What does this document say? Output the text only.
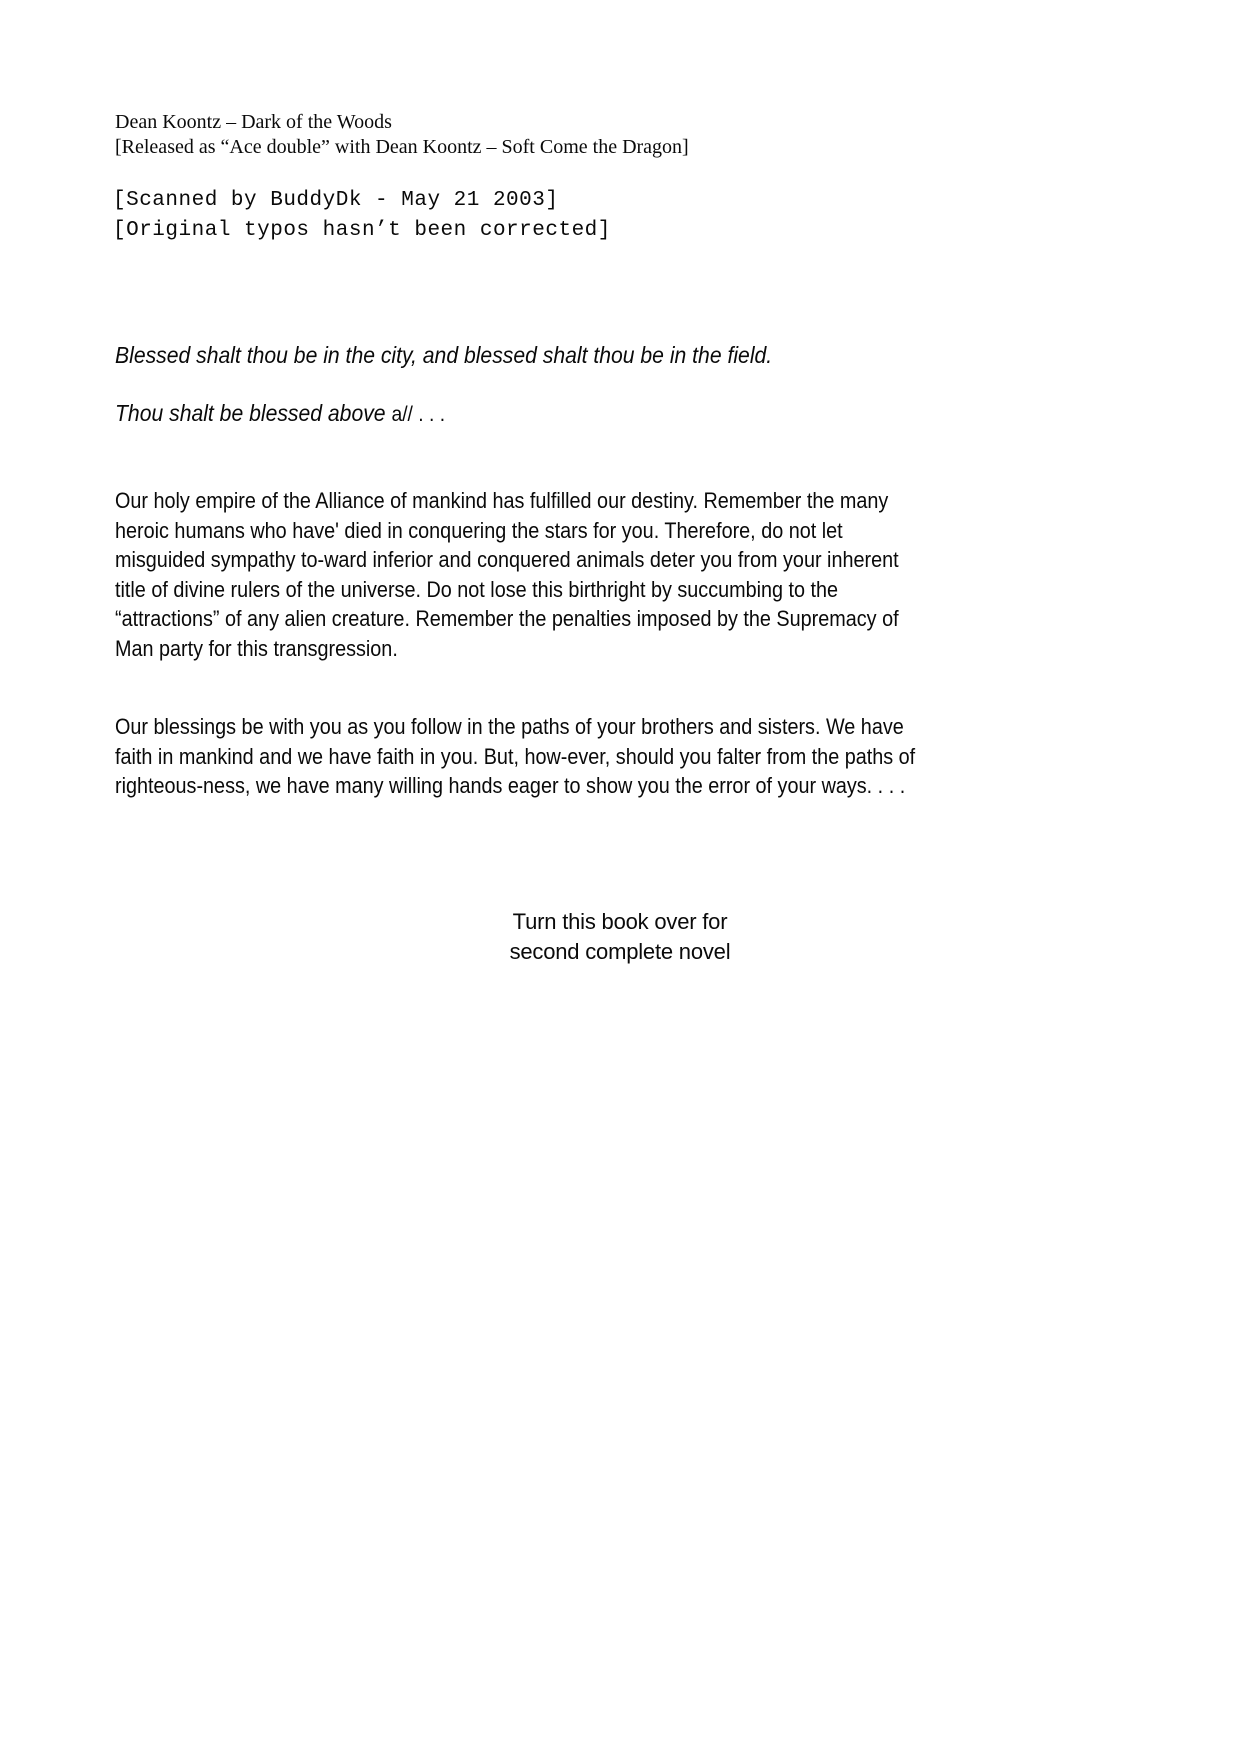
Dean Koontz – Dark of the Woods
[Released as “Ace double” with Dean Koontz – Soft Come the Dragon]
[Scanned by BuddyDk - May 21 2003]
[Original typos hasn’t been corrected]
Blessed shalt thou be in the city, and blessed shalt thou be in the field.
Thou shalt be blessed above a// . . .
Our holy empire of the Alliance of mankind has fulfilled our destiny. Remember the many
heroic humans who have' died in conquering the stars for you. Therefore, do not let
misguided sympathy to-ward inferior and conquered animals deter you from your inherent
title of divine rulers of the universe. Do not lose this birthright by succumbing to the
“attractions” of any alien creature. Remember the penalties imposed by the Supremacy of
Man party for this transgression.
Our blessings be with you as you follow in the paths of your brothers and sisters. We have
faith in mankind and we have faith in you. But, how-ever, should you falter from the paths of
righteous-ness, we have many willing hands eager to show you the error of your ways. . . .
Turn this book over for
second complete novel
